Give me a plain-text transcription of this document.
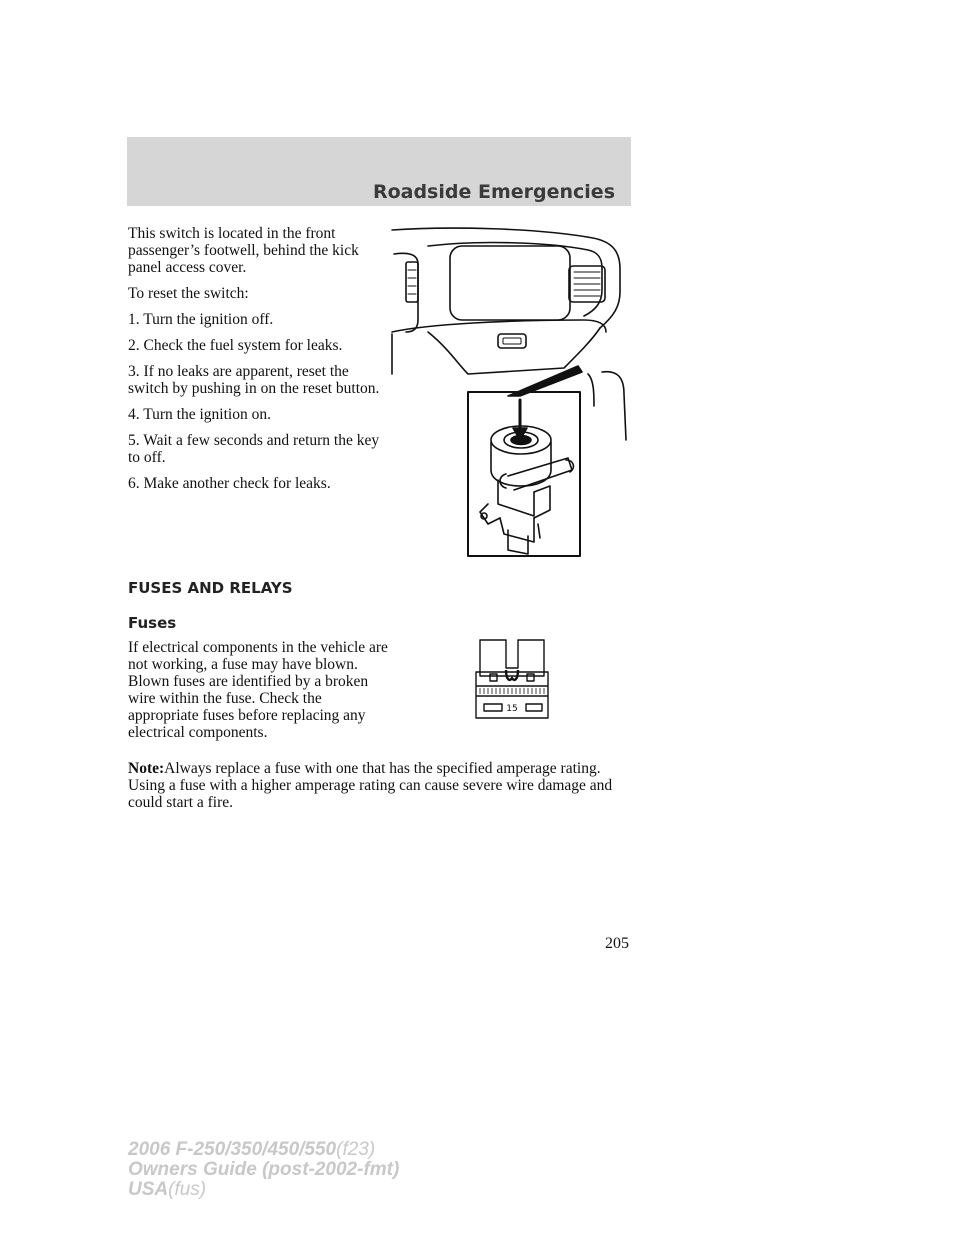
Roadside Emergencies

This switch is located in the front passenger’s footwell, behind the kick panel access cover.

To reset the switch:

1. Turn the ignition off.

2. Check the fuel system for leaks.

3. If no leaks are apparent, reset the switch by pushing in on the reset button.

4. Turn the ignition on.

5. Wait a few seconds and return the key to off.

6. Make another check for leaks.

FUSES AND RELAYS
Fuses

If electrical components in the vehicle are not working, a fuse may have blown. Blown fuses are identified by a broken wire within the fuse. Check the appropriate fuses before replacing any electrical components.

15

Note:Always replace a fuse with one that has the specified amperage rating. Using a fuse with a higher amperage rating can cause severe wire damage and could start a fire.

205

2006 F-250/350/450/550(f23)
Owners Guide (post-2002-fmt)
USA(fus)
